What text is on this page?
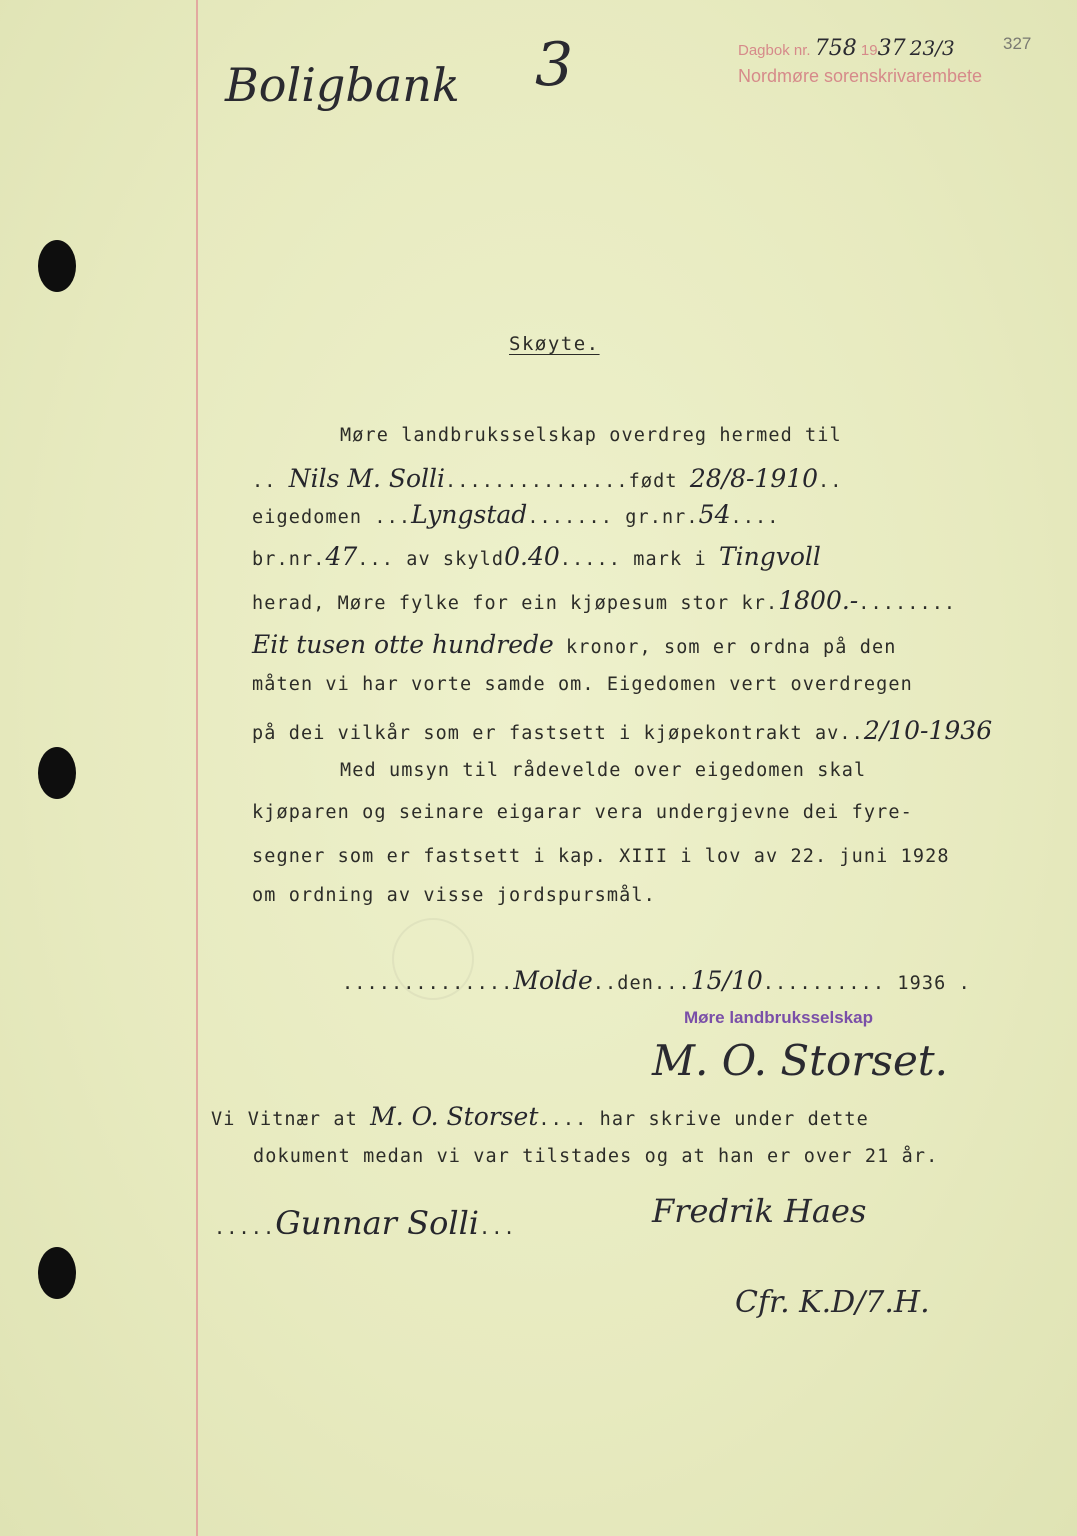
Boligbank 3	Dagbok nr. 758 1937 23/3
Nordmøre sorenskrivarembete
327
Skøyte.
Møre landbruksselskap overdreg hermed til
.. Nils M. Solli...............født 28/8-1910..
eigedomen ...Lyngstad....... gr.nr.54....
br.nr.47... av skyld0.40..... mark i Tingvoll
herad, Møre fylke for ein kjøpesum stor kr.1800.-........
Eit tusen otte hundrede kronor, som er ordna på den
måten vi har vorte samde om. Eigedomen vert overdregen
på dei vilkår som er fastsett i kjøpekontrakt av..2/10-1936
Med umsyn til rådevelde over eigedomen skal
kjøparen og seinare eigarar vera undergjevne dei fyre-
segner som er fastsett i kap. XIII i lov av 22. juni 1928
om ordning av visse jordspursmål.
..............Molde..den...15/10.......... 1936 .
Møre landbruksselskap
M. O. Storset.
Vi Vitnær at M. O. Storset.... har skrive under dette
dokument medan vi var tilstades og at han er over 21 år.
.....Gunnar Solli...	Fredrik Haes
Cfr. K.D/7.H.
